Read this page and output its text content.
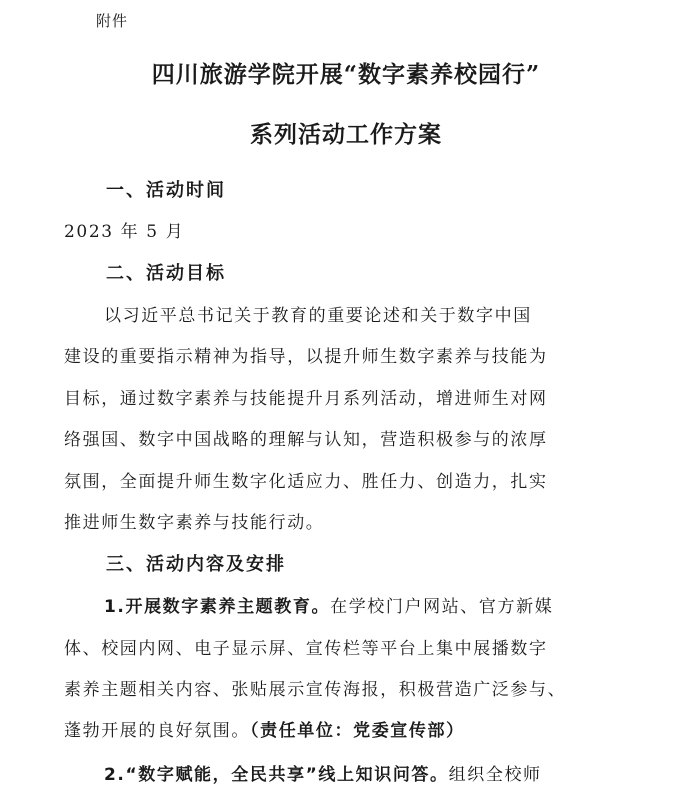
附件
四川旅游学院开展“数字素养校园行”
系列活动工作方案
一、活动时间
2023 年 5 月
二、活动目标
以习近平总书记关于教育的重要论述和关于数字中国
建设的重要指示精神为指导，以提升师生数字素养与技能为
目标，通过数字素养与技能提升月系列活动，增进师生对网
络强国、数字中国战略的理解与认知，营造积极参与的浓厚
氛围，全面提升师生数字化适应力、胜任力、创造力，扎实
推进师生数字素养与技能行动。
三、活动内容及安排
1.开展数字素养主题教育。在学校门户网站、官方新媒
体、校园内网、电子显示屏、宣传栏等平台上集中展播数字
素养主题相关内容、张贴展示宣传海报，积极营造广泛参与、
蓬勃开展的良好氛围。（责任单位：党委宣传部）
2.“数字赋能，全民共享”线上知识问答。组织全校师
